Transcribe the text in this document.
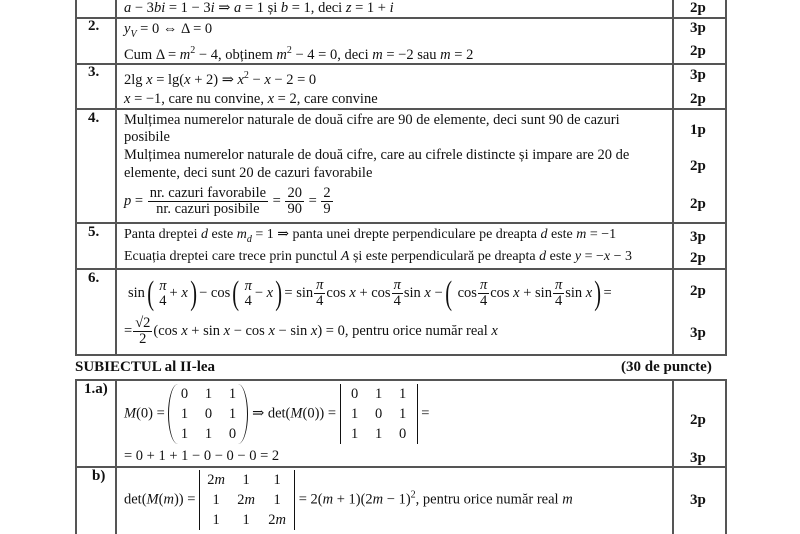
a − 3bi = 1 − 3i ⇒ a = 1 și b = 1, deci z = 1 + i	2p
2. $y_V = 0$ ⇔ Δ = 0
Cum $\Delta = m^2 - 4$, obținem $m^2 - 4 = 0$, deci m = −2 sau m = 2
3p
2p
3. 2lg x = lg(x + 2) ⇒ $x^2 - x - 2 = 0$
x = −1, care nu convine, x = 2, care convine
3p
2p
4. Mulțimea numerelor naturale de două cifre are 90 de elemente, deci sunt 90 de cazuri
posibile
Mulțimea numerelor naturale de două cifre, care au cifrele distincte și impare are 20 de
elemente, deci sunt 20 de cazuri favorabile
$p = \frac{\text{nr. cazuri favorabile}}{\text{nr. cazuri posibile}} = \frac{20}{90} = \frac{2}{9}$
1p
2p
2p
5. Panta dreptei d este $m_d = 1$ ⇒ panta unei drepte perpendiculare pe dreapta d este m = −1
Ecuația dreptei care trece prin punctul A și este perpendiculară pe dreapta d este y = −x − 3
3p
2p
6.
sin( π
4 + x) − cos( π
$4 - x) = \sin \frac{\pi}{4}$ $\cos x + \cos \frac{\pi}{4}$ sin x −( $\cos \frac{\pi}{4}$ $\cos x + \sin \frac{\pi}{4}$ sin x) =
= $\frac{√2}{2} (\cos$ x + sin x − cos x − sin x) = 0, pentru orice număr real x
2p
3p
SUBIECTUL al II-lea	(30 de puncte)
1.a)
M(0) =
0	1	1
1	0	1
1	1	0
⇒ det(M(0)) =
0	1	1
1	0	1
1	1	0
=
= 0 + 1 + 1 − 0 − 0 − 0 = 2
2p
3p
b)
det(M(m)) =
2m	1	1
1	2m	1
1	1	2m
= $2(m + 1)(2m - 1)^2$, pentru orice număr real m	3p
